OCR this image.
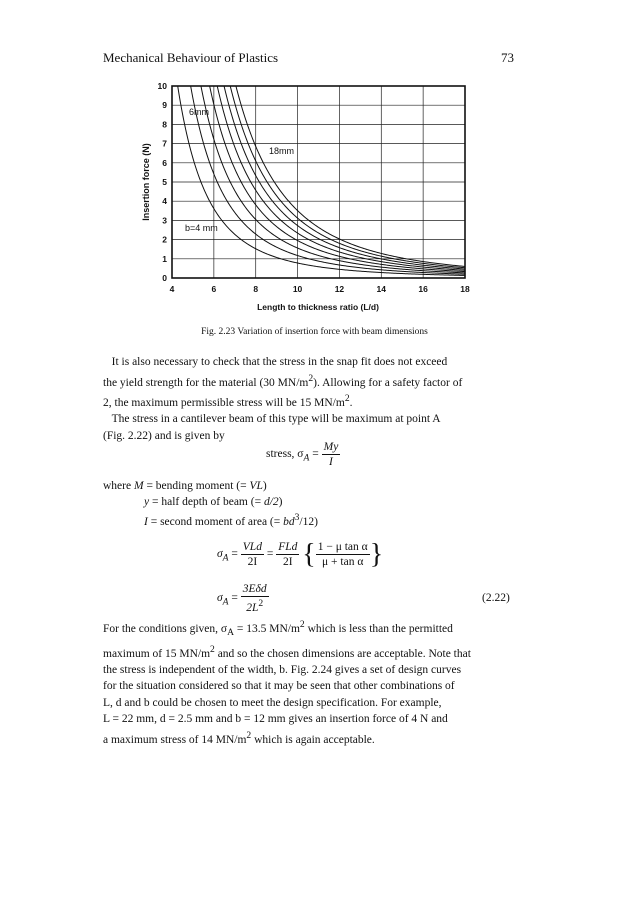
Mechanical Behaviour of Plastics	73
0
1
2
3
4
5
6
7
8
9
10
4	6	8	10	12	14	16	18
Length to thickness ratio (L/d)
Insertion force (N)
6mm
18mm
b=4 mm
Fig. 2.23 Variation of insertion force with beam dimensions

It is also necessary to check that the stress in the snap fit does not exceed

the yield strength for the material (30 $MN/m^2$). Allowing for a safety factor of

2, the maximum permissible stress will be 15 $MN/m^2$.

The stress in a cantilever beam of this type will be maximum at point A

(Fig. 2.22) and is given by

stress, $\sigma_A = \frac{My}{I}$
where M = bending moment (= VL)
y = half depth of beam (= d/2)
I = second moment of area (= $bd^3/12$)
$\sigma_A = \frac{\text{VLd}}{2I} = \frac{\text{FLd}}{2I}$ { $\frac{\text{1 − μ tan α}}{\text{μ + tan α}}$ }
$\sigma_A = \frac{\text{3Eδd}}{2L^2}$	(2.22)

For the conditions given, $\sigma_A = 13.5$ $MN/m^2$ which is less than the permitted

maximum of 15 $MN/m^2$ and so the chosen dimensions are acceptable. Note that

the stress is independent of the width, b. Fig. 2.24 gives a set of design curves

for the situation considered so that it may be seen that other combinations of

L, d and b could be chosen to meet the design specification. For example,

L = 22 mm, d = 2.5 mm and b = 12 mm gives an insertion force of 4 N and

a maximum stress of 14 $MN/m^2$ which is again acceptable.
